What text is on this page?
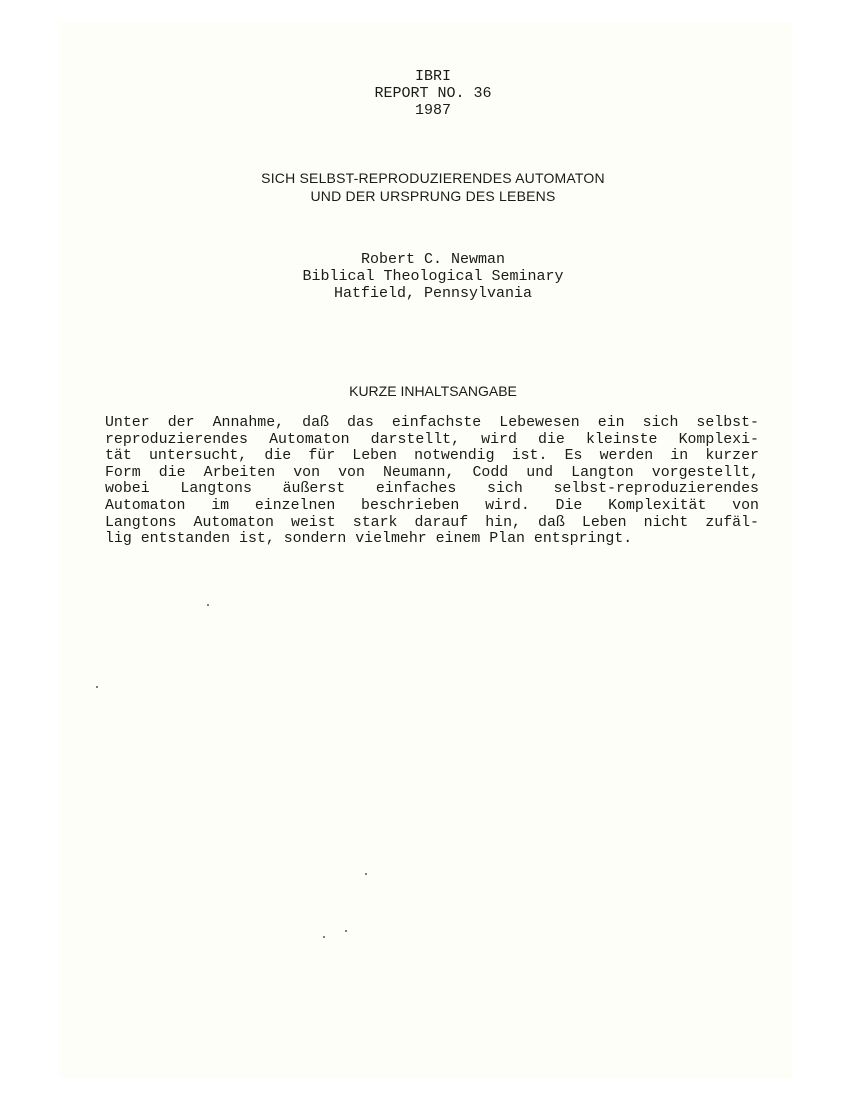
IBRI
REPORT NO. 36
1987
SICH SELBST-REPRODUZIERENDES AUTOMATON
UND DER URSPRUNG DES LEBENS
Robert C. Newman
Biblical Theological Seminary
Hatfield, Pennsylvania
KURZE INHALTSANGABE
Unter der Annahme, daß das einfachste Lebewesen ein sich selbst-
reproduzierendes Automaton darstellt, wird die kleinste Komplexi-
tät untersucht, die für Leben notwendig ist. Es werden in kurzer
Form die Arbeiten von von Neumann, Codd und Langton vorgestellt,
wobei Langtons äußerst einfaches sich selbst-reproduzierendes
Automaton im einzelnen beschrieben wird. Die Komplexität von
Langtons Automaton weist stark darauf hin, daß Leben nicht zufäl-
lig entstanden ist, sondern vielmehr einem Plan entspringt.
